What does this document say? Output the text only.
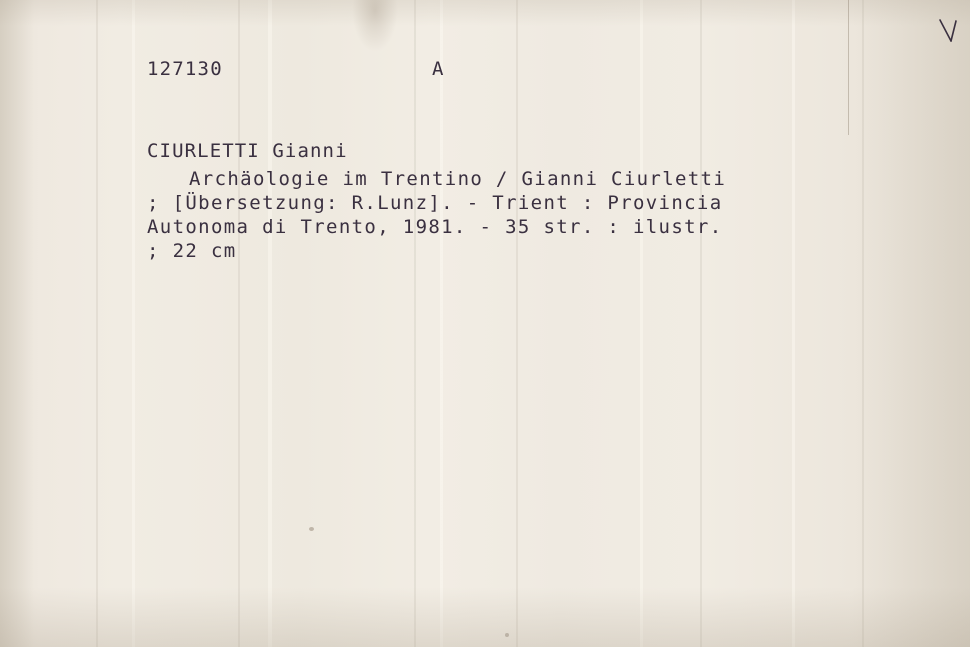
127130	A
CIURLETTI Gianni
Archäologie im Trentino / Gianni Ciurletti
; [Übersetzung: R.Lunz]. - Trient : Provincia
Autonoma di Trento, 1981. - 35 str. : ilustr.
; 22 cm
